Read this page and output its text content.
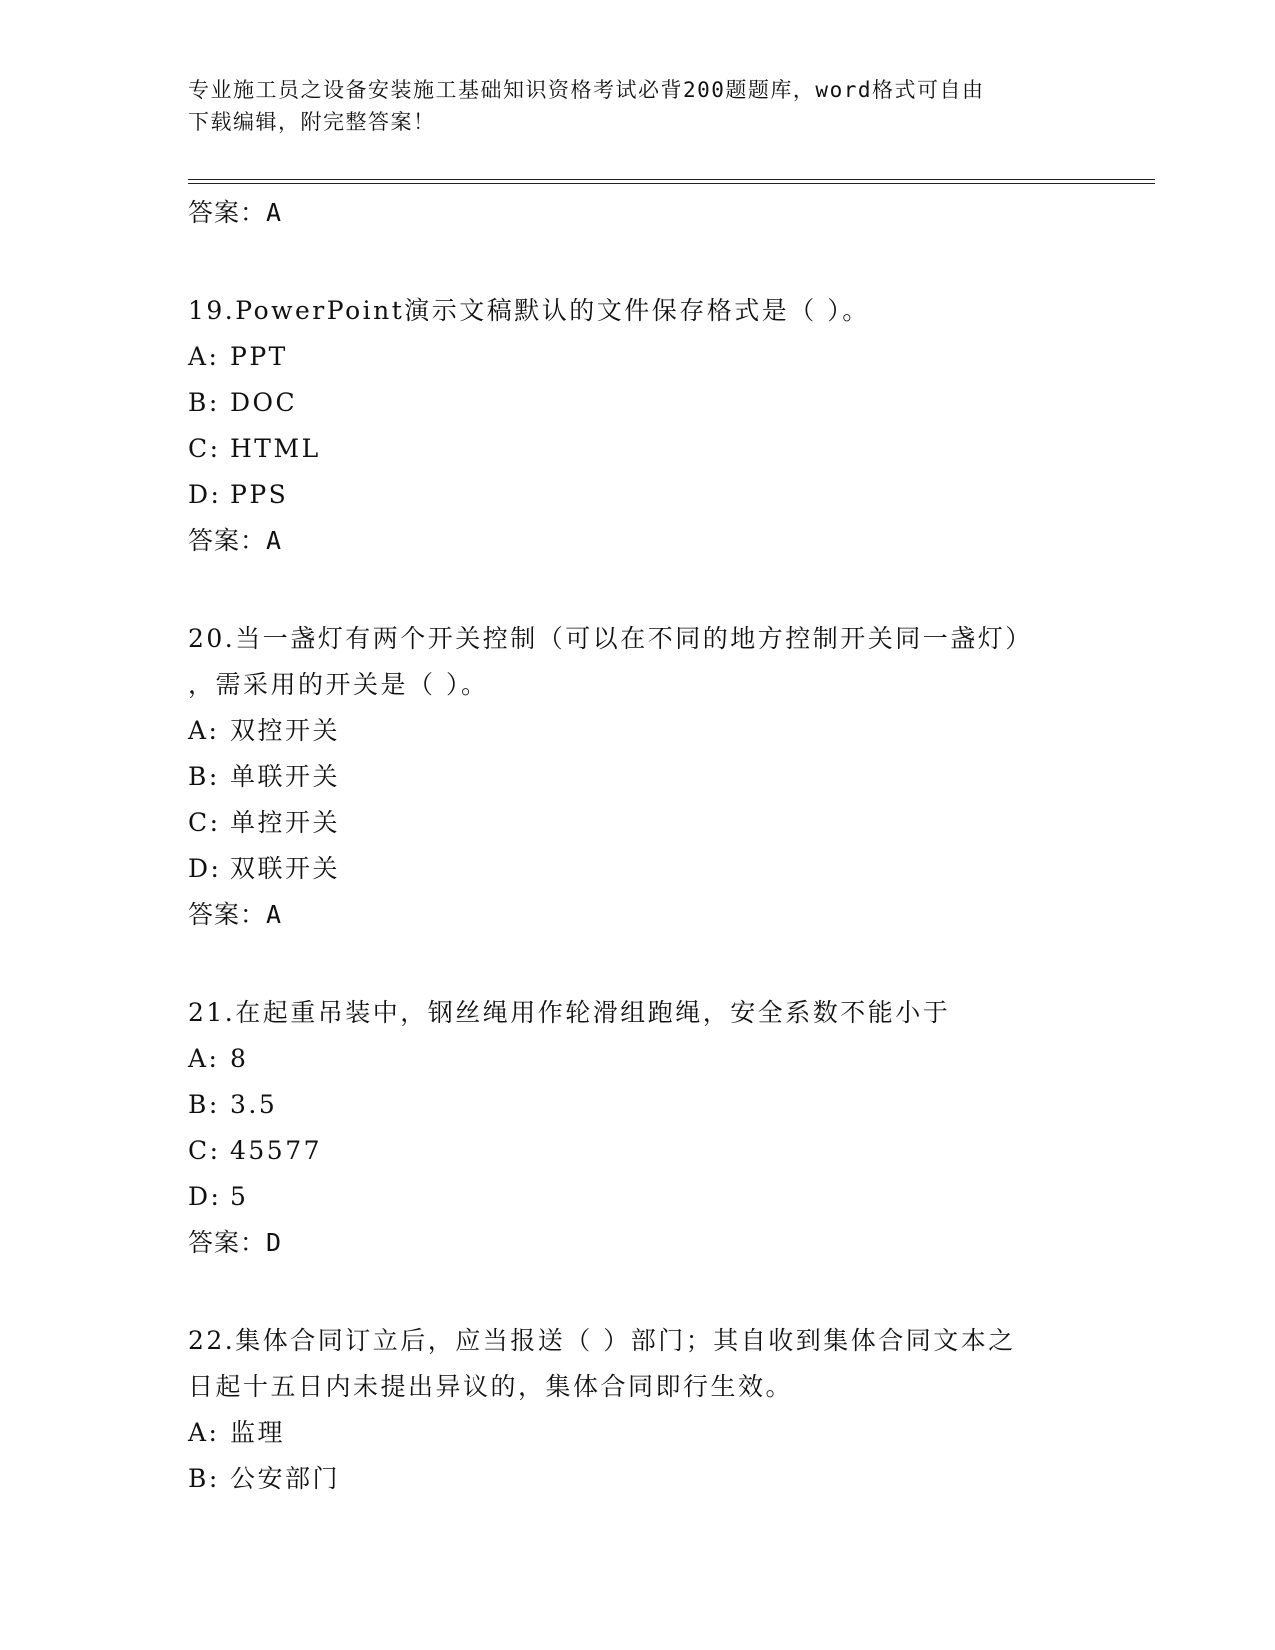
专业施工员之设备安装施工基础知识资格考试必背200题题库，word格式可自由
下载编辑，附完整答案！
答案：A
19.PowerPoint演示文稿默认的文件保存格式是（ ）。
A: PPT
B: DOC
C: HTML
D: PPS
答案：A
20.当一盏灯有两个开关控制（可以在不同的地方控制开关同一盏灯）
，需采用的开关是（ ）。
A: 双控开关
B: 单联开关
C: 单控开关
D: 双联开关
答案：A
21.在起重吊装中，钢丝绳用作轮滑组跑绳，安全系数不能小于
A: 8
B: 3.5
C: 45577
D: 5
答案：D
22.集体合同订立后，应当报送（ ）部门；其自收到集体合同文本之
日起十五日内未提出异议的，集体合同即行生效。
A: 监理
B: 公安部门
